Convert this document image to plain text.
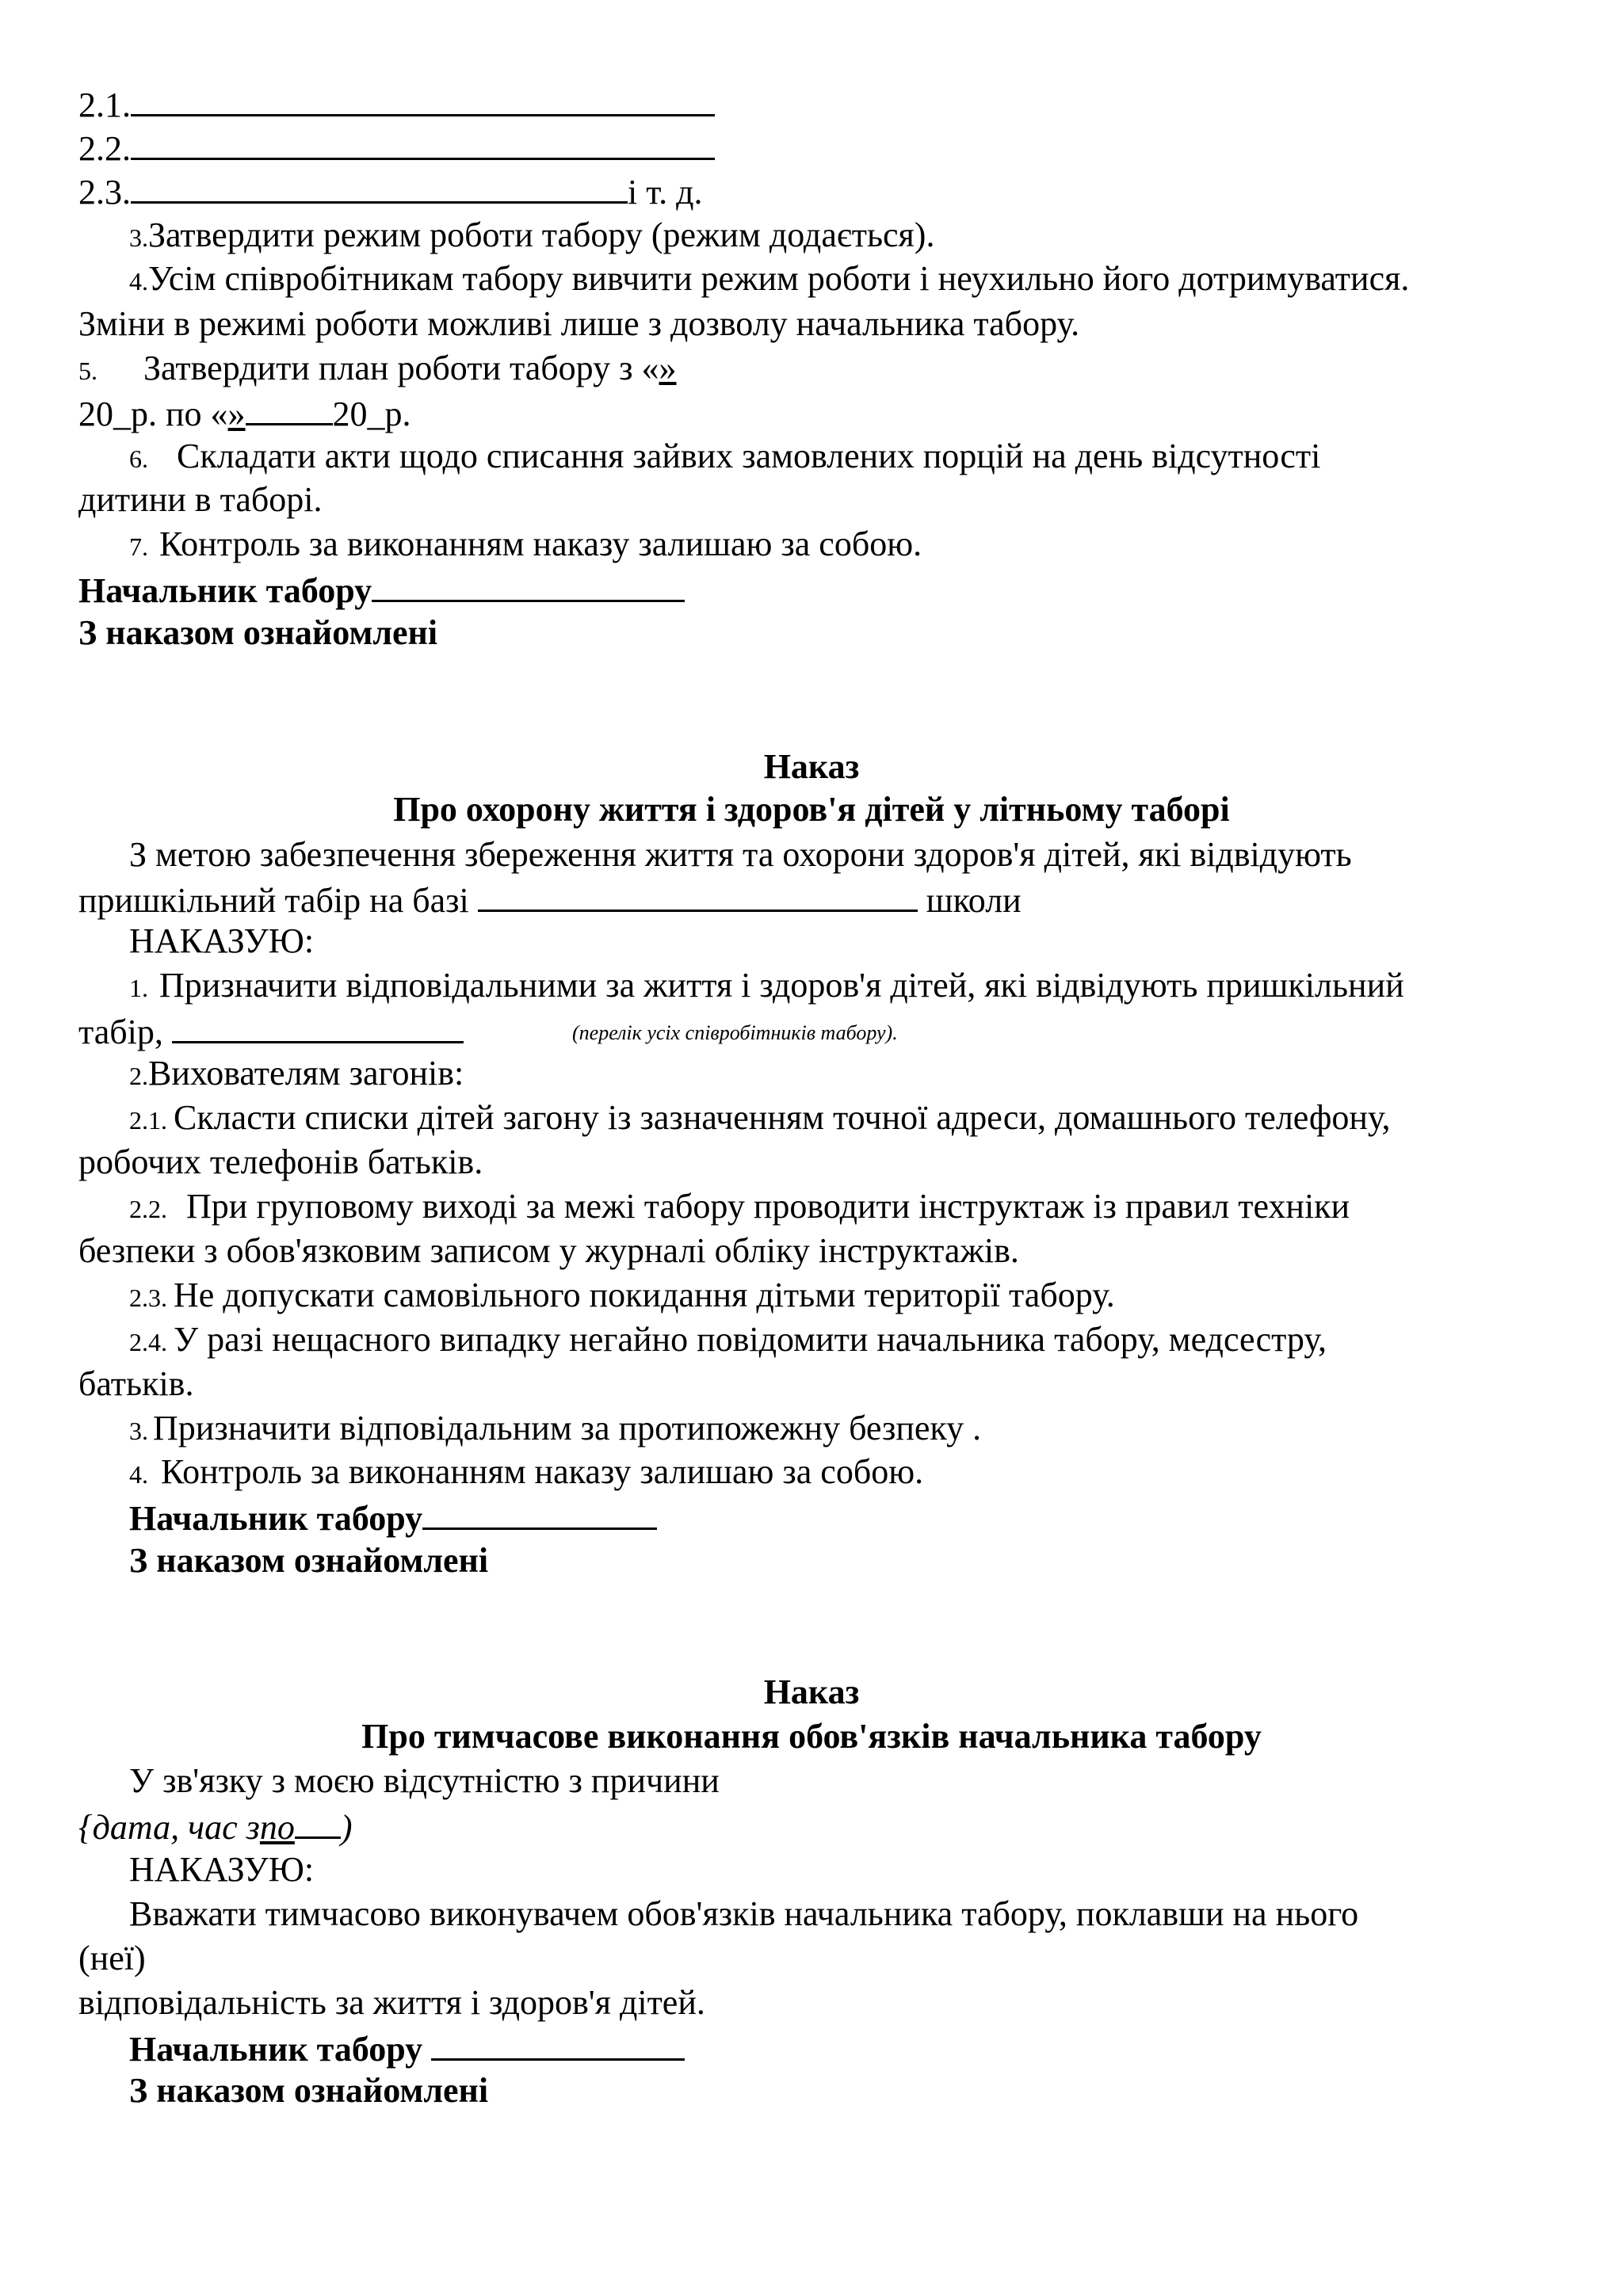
2.1.
2.2.
2.3.	і т. д.
3.Затвердити режим роботи табору (режим додається).
4.Усім співробітникам табору вивчити режим роботи і неухильно його дотримуватися.
Зміни в режимі роботи можливі лише з дозволу начальника табору.
5. Затвердити план роботи табору з «»
20_р. по «»	20_р.
6. Складати акти щодо списання зайвих замовлених порцій на день відсутності
дитини в таборі.
7. Контроль за виконанням наказу залишаю за собою.
Начальник табору
З наказом ознайомлені
Наказ
Про охорону життя і здоров'я дітей у літньому таборі
З метою забезпечення збереження життя та охорони здоров'я дітей, які відвідують
пришкільний табір на базі	школи
НАКАЗУЮ:
1. Призначити відповідальними за життя і здоров'я дітей, які відвідують пришкільний
табір,	(перелік усіх співробітників табору).
2.Вихователям загонів:
2.1. Скласти списки дітей загону із зазначенням точної адреси, домашнього телефону,
робочих телефонів батьків.
2.2. При груповому виході за межі табору проводити інструктаж із правил техніки
безпеки з обов'язковим записом у журналі обліку інструктажів.
2.3. Не допускати самовільного покидання дітьми території табору.
2.4. У разі нещасного випадку негайно повідомити начальника табору, медсестру,
батьків.
3. Призначити відповідальним за протипожежну безпеку .
4. Контроль за виконанням наказу залишаю за собою.
Начальник табору
З наказом ознайомлені
Наказ
Про тимчасове виконання обов'язків начальника табору
У зв'язку з моєю відсутністю з причини
{дата, час зпо )
НАКАЗУЮ:
Вважати тимчасово виконувачем обов'язків начальника табору, поклавши на нього
(неї)
відповідальність за життя і здоров'я дітей.
Начальник табору
З наказом ознайомлені
